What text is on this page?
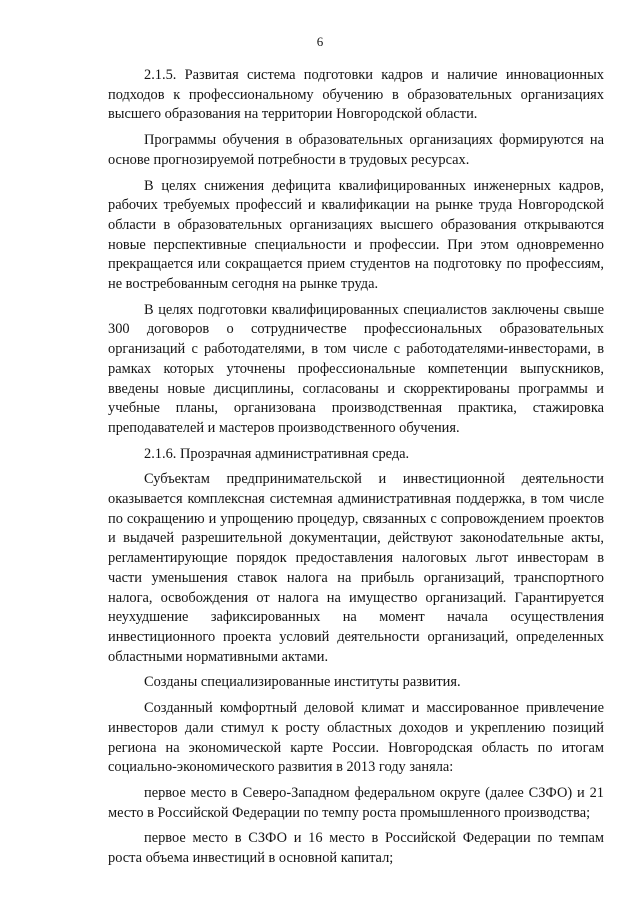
6

2.1.5. Развитая система подготовки кадров и наличие инновационных подходов к профессиональному обучению в образовательных организациях высшего образования на территории Новгородской области.

Программы обучения в образовательных организациях формируются на основе прогнозируемой потребности в трудовых ресурсах.

В целях снижения дефицита квалифицированных инженерных кадров, рабочих требуемых профессий и квалификации на рынке труда Новгородской области в образовательных организациях высшего образования открываются новые перспективные специальности и профессии. При этом одновременно прекращается или сокращается прием студентов на подготовку по профессиям, не востребованным сегодня на рынке труда.

В целях подготовки квалифицированных специалистов заключены свыше 300 договоров о сотрудничестве профессиональных образовательных организаций с работодателями, в том числе с работодателями-инвесторами, в рамках которых уточнены профессиональные компетенции выпускников, введены новые дисциплины, согласованы и скорректированы программы и учебные планы, организована производственная практика, стажировка преподавателей и мастеров производственного обучения.

2.1.6. Прозрачная административная среда.

Субъектам предпринимательской и инвестиционной деятельности оказывается комплексная системная административная поддержка, в том числе по сокращению и упрощению процедур, связанных с сопровождением проектов и выдачей разрешительной документации, действуют законоdательные акты, регламентирующие порядок предоставления налоговых льгот инвесторам в части уменьшения ставок налога на прибыль организаций, транспортного налога, освобождения от налога на имущество организаций. Гарантируется неухудшение зафиксированных на момент начала осуществления инвестиционного проекта условий деятельности организаций, определенных областными нормативными актами.

Созданы специализированные институты развития.

Созданный комфортный деловой климат и массированное привлечение инвесторов дали стимул к росту областных доходов и укреплению позиций региона на экономической карте России. Новгородская область по итогам социально-экономического развития в 2013 году заняла:

первое место в Северо-Западном федеральном округе (далее СЗФО) и 21 место в Российской Федерации по темпу роста промышленного производства;

первое место в СЗФО и 16 место в Российской Федерации по темпам роста объема инвестиций в основной капитал;
